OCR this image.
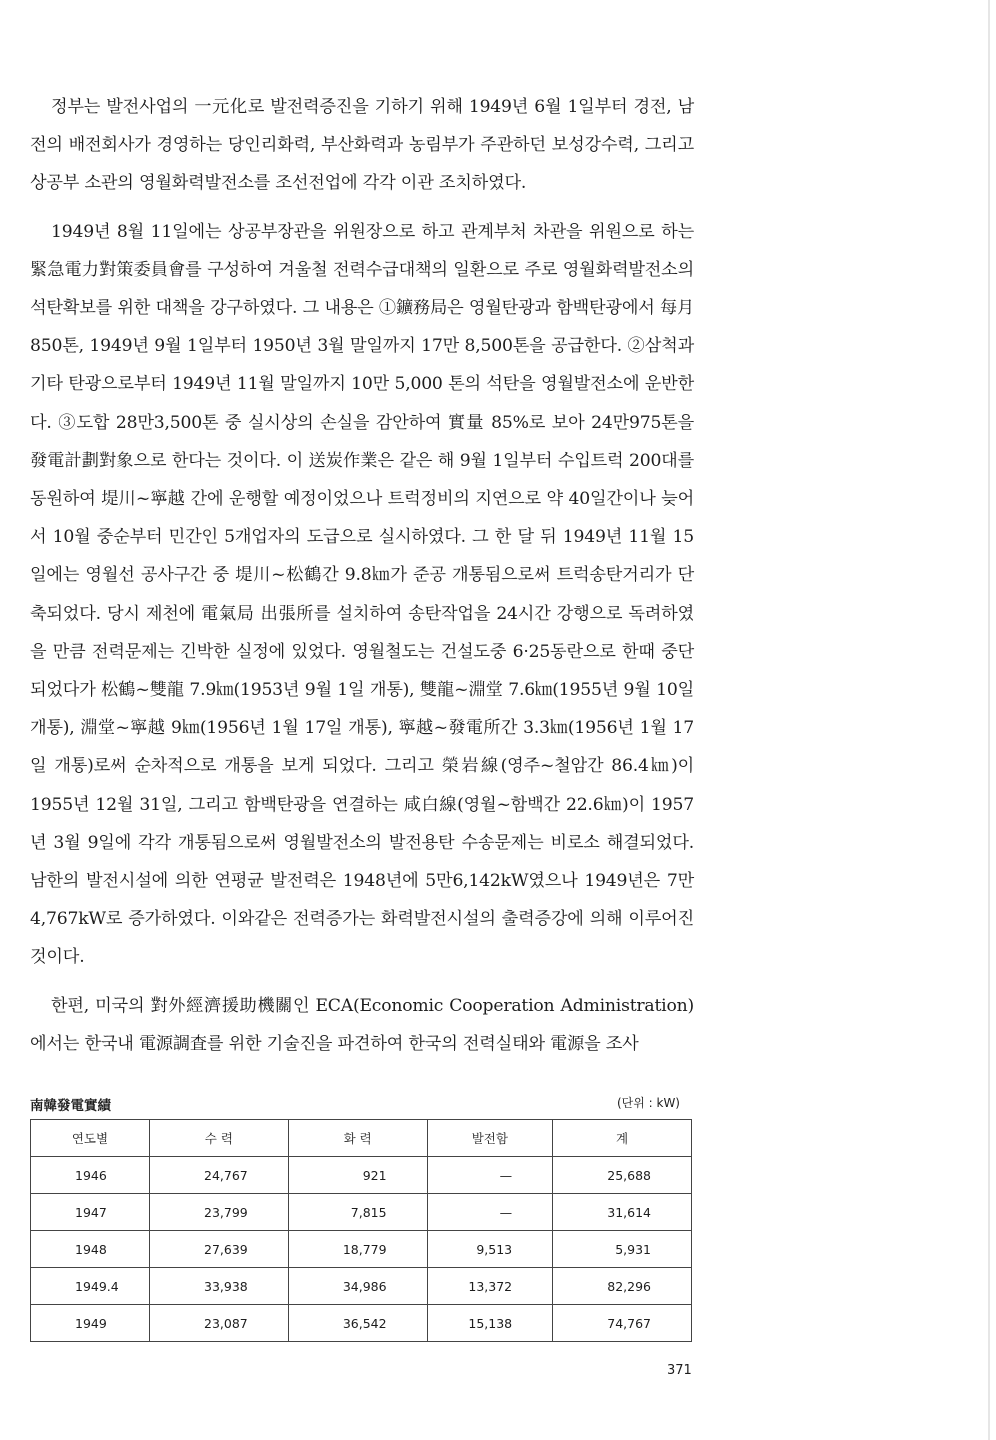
정부는 발전사업의 一元化로 발전력증진을 기하기 위해 1949년 6월 1일부터 경전, 남전의 배전회사가 경영하는 당인리화력, 부산화력과 농림부가 주관하던 보성강수력, 그리고 상공부 소관의 영월화력발전소를 조선전업에 각각 이관 조치하였다.

1949년 8월 11일에는 상공부장관을 위원장으로 하고 관계부처 차관을 위원으로 하는 緊急電力對策委員會를 구성하여 겨울철 전력수급대책의 일환으로 주로 영월화력발전소의 석탄확보를 위한 대책을 강구하였다. 그 내용은 ①鑛務局은 영월탄광과 함백탄광에서 每月 850톤, 1949년 9월 1일부터 1950년 3월 말일까지 17만 8,500톤을 공급한다. ②삼척과 기타 탄광으로부터 1949년 11월 말일까지 10만 5,000 톤의 석탄을 영월발전소에 운반한다. ③도합 28만3,500톤 중 실시상의 손실을 감안하여 實量 85%로 보아 24만975톤을 發電計劃對象으로 한다는 것이다. 이 送炭作業은 같은 해 9월 1일부터 수입트럭 200대를 동원하여 堤川~寧越 간에 운행할 예정이었으나 트럭정비의 지연으로 약 40일간이나 늦어서 10월 중순부터 민간인 5개업자의 도급으로 실시하였다. 그 한 달 뒤 1949년 11월 15일에는 영월선 공사구간 중 堤川~松鶴간 9.8㎞가 준공 개통됨으로써 트럭송탄거리가 단축되었다. 당시 제천에 電氣局 出張所를 설치하여 송탄작업을 24시간 강행으로 독려하였을 만큼 전력문제는 긴박한 실정에 있었다. 영월철도는 건설도중 6·25동란으로 한때 중단되었다가 松鶴~雙龍 7.9㎞(1953년 9월 1일 개통), 雙龍~淵堂 7.6㎞(1955년 9월 10일 개통), 淵堂~寧越 9㎞(1956년 1월 17일 개통), 寧越~發電所간 3.3㎞(1956년 1월 17일 개통)로써 순차적으로 개통을 보게 되었다. 그리고 榮岩線(영주~철암간 86.4㎞)이 1955년 12월 31일, 그리고 함백탄광을 연결하는 咸白線(영월~함백간 22.6㎞)이 1957년 3월 9일에 각각 개통됨으로써 영월발전소의 발전용탄 수송문제는 비로소 해결되었다. 남한의 발전시설에 의한 연평균 발전력은 1948년에 5만6,142kW였으나 1949년은 7만4,767kW로 증가하였다. 이와같은 전력증가는 화력발전시설의 출력증강에 의해 이루어진 것이다.

한편, 미국의 對外經濟援助機關인 ECA(Economic Cooperation Administration)에서는 한국내 電源調査를 위한 기술진을 파견하여 한국의 전력실태와 電源을 조사

南韓發電實績	(단위 : kW)
연도별	수 력	화 력	발전함	계
1946	24,767	921	—	25,688
1947	23,799	7,815	—	31,614
1948	27,639	18,779	9,513	5,931
1949.4	33,938	34,986	13,372	82,296
1949	23,087	36,542	15,138	74,767
371
